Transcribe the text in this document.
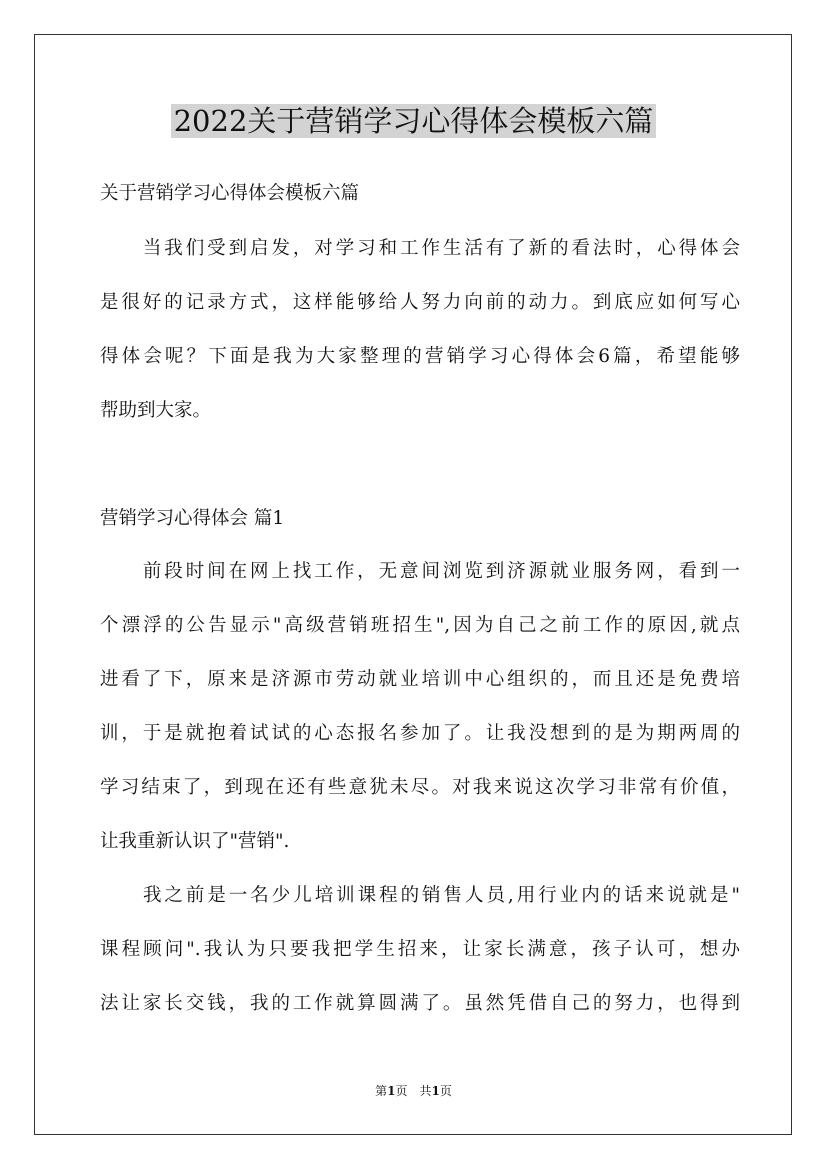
2022关于营销学习心得体会模板六篇
关于营销学习心得体会模板六篇
　　当我们受到启发，对学习和工作生活有了新的看法时，心得体会
是很好的记录方式，这样能够给人努力向前的动力。到底应如何写心
得体会呢？下面是我为大家整理的营销学习心得体会6篇，希望能够
帮助到大家。
营销学习心得体会 篇1
　　前段时间在网上找工作，无意间浏览到济源就业服务网，看到一
个漂浮的公告显示"高级营销班招生",因为自己之前工作的原因,就点
进看了下，原来是济源市劳动就业培训中心组织的，而且还是免费培
训，于是就抱着试试的心态报名参加了。让我没想到的是为期两周的
学习结束了，到现在还有些意犹未尽。对我来说这次学习非常有价值，
让我重新认识了"营销".
　　我之前是一名少儿培训课程的销售人员,用行业内的话来说就是"
课程顾问".我认为只要我把学生招来，让家长满意，孩子认可，想办
法让家长交钱，我的工作就算圆满了。虽然凭借自己的努力，也得到
第1页　共1页
